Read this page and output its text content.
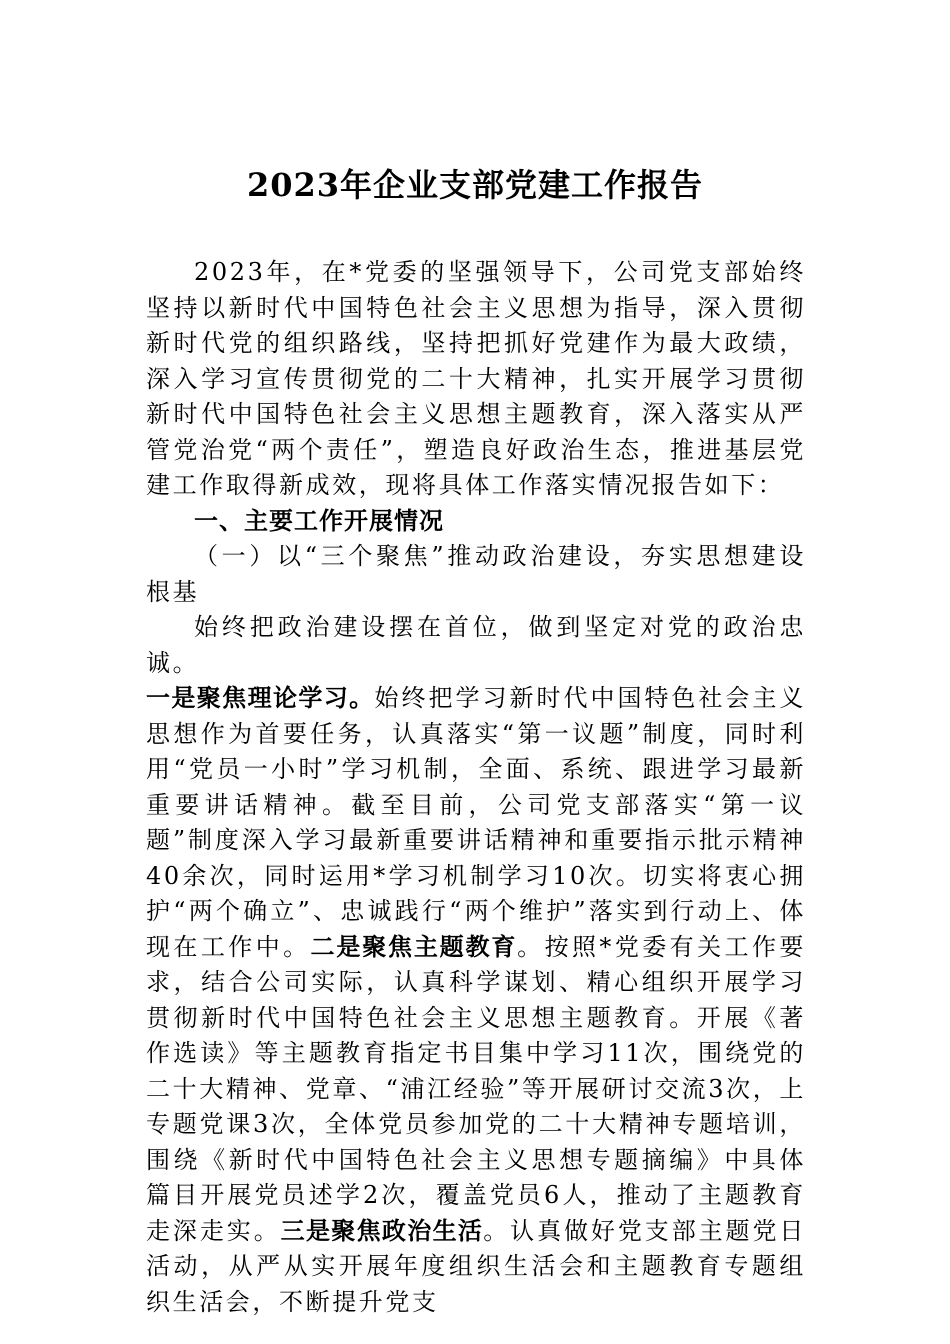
2023年企业支部党建工作报告

2023年，在*党委的坚强领导下，公司党支部始终坚持以新时代中国特色社会主义思想为指导，深入贯彻新时代党的组织路线，坚持把抓好党建作为最大政绩，深入学习宣传贯彻党的二十大精神，扎实开展学习贯彻新时代中国特色社会主义思想主题教育，深入落实从严管党治党“两个责任”，塑造良好政治生态，推进基层党建工作取得新成效，现将具体工作落实情况报告如下：

一、主要工作开展情况

（一）以“三个聚焦”推动政治建设，夯实思想建设根基

始终把政治建设摆在首位，做到坚定对党的政治忠诚。

一是聚焦理论学习。始终把学习新时代中国特色社会主义思想作为首要任务，认真落实“第一议题”制度，同时利用“党员一小时”学习机制，全面、系统、跟进学习最新重要讲话精神。截至目前，公司党支部落实“第一议题”制度深入学习最新重要讲话精神和重要指示批示精神40余次，同时运用*学习机制学习10次。切实将衷心拥护“两个确立”、忠诚践行“两个维护”落实到行动上、体现在工作中。二是聚焦主题教育。按照*党委有关工作要求，结合公司实际，认真科学谋划、精心组织开展学习贯彻新时代中国特色社会主义思想主题教育。开展《著作选读》等主题教育指定书目集中学习11次，围绕党的二十大精神、党章、“浦江经验”等开展研讨交流3次，上专题党课3次，全体党员参加党的二十大精神专题培训，围绕《新时代中国特色社会主义思想专题摘编》中具体篇目开展党员述学2次，覆盖党员6人，推动了主题教育走深走实。三是聚焦政治生活。认真做好党支部主题党日活动，从严从实开展年度组织生活会和主题教育专题组织生活会，不断提升党支
